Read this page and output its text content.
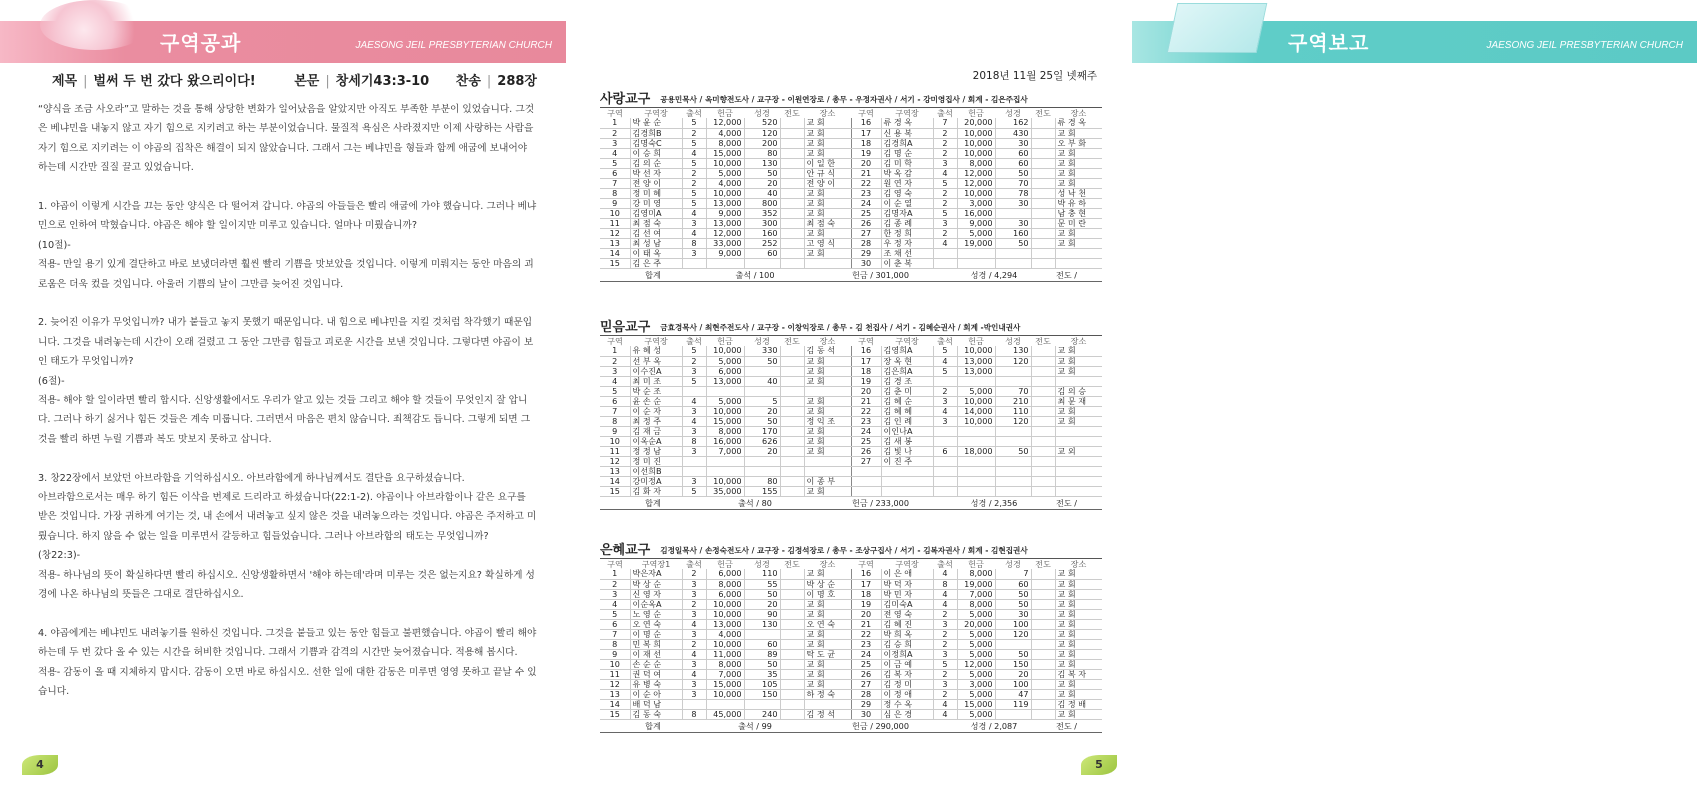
구역공과	JAESONG JEIL PRESBYTERIAN CHURCH
제목 | 벌써 두 번 갔다 왔으리이다!	본문 | 창세기43:3-10 찬송 | 288장

“양식을 조금 사오라”고 말하는 것을 통해 상당한 변화가 일어났음을 알았지만 아직도 부족한 부분이 있었습니다. 그것은 베냐민을 내놓지 않고 자기 힘으로 지키려고 하는 부분이었습니다. 물질적 욕심은 사라졌지만 이제 사랑하는 사람을 자기 힘으로 지키려는 이 야곱의 집착은 해결이 되지 않았습니다. 그래서 그는 베냐민을 형들과 함께 애굽에 보내어야 하는데 시간만 질질 끌고 있었습니다.

1. 야곱이 이렇게 시간을 끄는 동안 양식은 다 떨어져 갑니다. 야곱의 아들들은 빨리 애굽에 가야 했습니다. 그러나 베냐민으로 인하여 막혔습니다. 야곱은 해야 할 일이지만 미루고 있습니다. 얼마나 미뤘습니까?

(10절)-

적용- 만일 용기 있게 결단하고 바로 보냈더라면 훨씬 빨리 기쁨을 맛보았을 것입니다. 이렇게 미뤄지는 동안 마음의 괴로움은 더욱 컸을 것입니다. 아울러 기쁨의 날이 그만큼 늦어진 것입니다.

2. 늦어진 이유가 무엇입니까? 내가 붙들고 놓지 못했기 때문입니다. 내 힘으로 베냐민을 지킬 것처럼 착각했기 때문입니다. 그것을 내려놓는데 시간이 오래 걸렸고 그 동안 그만큼 힘들고 괴로운 시간을 보낸 것입니다. 그렇다면 야곱이 보인 태도가 무엇입니까?

(6절)-

적용- 해야 할 일이라면 빨리 합시다. 신앙생활에서도 우리가 알고 있는 것들 그리고 해야 할 것들이 무엇인지 잘 압니다. 그러나 하기 싫거나 힘든 것들은 계속 미룹니다. 그러면서 마음은 편치 않습니다. 죄책감도 듭니다. 그렇게 되면 그것을 빨리 하면 누릴 기쁨과 복도 맛보지 못하고 삽니다.

3. 창22장에서 보았던 아브라함을 기억하십시오. 아브라함에게 하나님께서도 결단을 요구하셨습니다.

아브라함으로서는 매우 하기 힘든 이삭을 번제로 드리라고 하셨습니다(22:1-2). 야곱이나 아브라함이나 같은 요구를 받은 것입니다. 가장 귀하게 여기는 것, 내 손에서 내려놓고 싶지 않은 것을 내려놓으라는 것입니다. 야곱은 주저하고 미뤘습니다. 하지 않을 수 없는 일을 미루면서 갈등하고 힘들었습니다. 그러나 아브라함의 태도는 무엇입니까?

(창22:3)-

적용- 하나님의 뜻이 확실하다면 빨리 하십시오. 신앙생활하면서 '해야 하는데'라며 미루는 것은 없는지요? 확실하게 성경에 나온 하나님의 뜻들은 그대로 결단하십시오.

4. 야곱에게는 베냐민도 내려놓기를 원하신 것입니다. 그것을 붙들고 있는 동안 힘들고 불편했습니다. 야곱이 빨리 해야 하는데 두 번 갔다 올 수 있는 시간을 허비한 것입니다. 그래서 기쁨과 감격의 시간만 늦어졌습니다. 적용해 봅시다.

적용- 감동이 올 때 지체하지 맙시다. 감동이 오면 바로 하십시오. 선한 일에 대한 감동은 미루면 영영 못하고 끝날 수 있습니다.

4
구역보고	JAESONG JEIL PRESBYTERIAN CHURCH
2018년 11월 25일 넷째주
사랑교구 공용민목사 / 옥미향전도사 / 교구장 - 이원연장로 / 총무 - 우정자권사 / 서기 - 강미영집사 / 회계 - 김은주집사
구역	구역장	출석	헌금	성경	전도	장소	구역	구역장	출석	헌금	성경	전도	장소
1	박 윤 순	5	12,000	520		교 회	16	류 경 옥	7	20,000	162		류 경 옥
2	김경희B	2	4,000	120		교 회	17	신 용 복	2	10,000	430		교 회
3	김명숙C	5	8,000	200		교 회	18	김경희A	2	10,000	30		오 부 화
4	이 승 희	4	15,000	80		교 회	19	김 명 순	2	10,000	60		교 회
5	김 의 순	5	10,000	130		이 일 한	20	김 미 학	3	8,000	60		교 회
6	박 선 자	2	5,000	50		안 규 식	21	박 옥 감	4	12,000	50		교 회
7	전 양 이	2	4,000	20		전 양 이	22	원 연 자	5	12,000	70		교 회
8	정 미 혜	5	10,000	40		교 회	23	김 영 숙	2	10,000	78		성 낙 천
9	강 미 영	5	13,000	800		교 회	24	이 순 열	2	3,000	30		박 유 하
10	김영미A	4	9,000	352		교 회	25	김명자A	5	16,000			남 충 현
11	최 점 숙	3	13,000	300		최 점 숙	26	김 종 례	3	9,000	30		문 미 란
12	김 선 여	4	12,000	160		교 회	27	한 정 희	2	5,000	160		교 회
13	최 성 남	8	33,000	252		고 영 식	28	우 정 자	4	19,000	50		교 회
14	이 태 옥	3	9,000	60		교 회	29	조 채 선					
15	김 은 주						30	이 춘 복					
합계			출석 / 100			헌금 / 301,000				성경 / 4,294		전도 /	
믿음교구 금효경목사 / 최현주전도사 / 교구장 - 이창익장로 / 총무 - 김 천집사 / 서기 - 김혜순권사 / 회계 -박인내권사
구역	구역장	출석	헌금	성경	전도	장소	구역	구역장	출석	헌금	성경	전도	장소
1	유 혜 성	5	10,000	330		김 동 석	16	김영희A	5	10,000	130		교 회
2	선 부 옥	2	5,000	50		교 회	17	장 옥 현	4	13,000	120		교 회
3	이수진A	3	6,000			교 회	18	김은희A	5	13,000			교 회
4	최 미 조	5	13,000	40		교 회	19	김 경 조					
5	박 순 조						20	김 춘 미	2	5,000	70		김 의 승
6	윤 손 순	4	5,000	5		교 회	21	김 혜 순	3	10,000	210		최 문 재
7	이 순 자	3	10,000	20		교 회	22	김 혜 혜	4	14,000	110		교 회
8	최 정 주	4	15,000	50		정 익 조	23	김 인 례	3	10,000	120		교 회
9	김 재 금	3	8,000	170		교 회	24	이인나A					
10	이옥순A	8	16,000	626		교 회	25	김 새 봉					
11	정 정 남	3	7,000	20		교 회	26	김 빛 나	6	18,000	50		교 외
12	정 미 진						27	이 진 주					
13	이선희B												
14	강미정A	3	10,000	80		이 종 부							
15	김 화 자	5	35,000	155		교 회							
합계			출석 / 80			헌금 / 233,000				성경 / 2,356		전도 /	
은혜교구 김정일목사 / 손정숙전도사 / 교구장 - 김정석장로 / 총무 - 조상구집사 / 서기 - 김복자권사 / 회계 - 김현집권사
구역	구역장1	출석	헌금	성경	전도	장소	구역	구역장	출석	헌금	성경	전도	장소
1	박은자A	2	6,000	110		교 회	16	이 은 애	4	8,000	7		교 회
2	박 상 순	3	8,000	55		박 상 순	17	박 덕 자	8	19,000	60		교 회
3	신 영 자	3	6,000	50		이 명 호	18	박 민 자	4	7,000	50		교 회
4	이순옥A	2	10,000	20		교 회	19	김미숙A	4	8,000	50		교 회
5	노 영 순	3	10,000	90		교 회	20	전 영 숙	2	5,000	30		교 회
6	오 연 숙	4	13,000	130		오 연 숙	21	김 혜 진	3	20,000	100		교 회
7	이 명 순	3	4,000			교 회	22	박 희 옥	2	5,000	120		교 회
8	민 복 희	2	10,000	60		교 회	23	김 승 희	2	5,000			교 회
9	이 재 선	4	11,000	89		탁 도 균	24	이정희A	3	5,000	50		교 회
10	손 순 순	3	8,000	50		교 회	25	이 금 예	5	12,000	150		교 회
11	권 덕 여	4	7,000	35		교 회	26	김 복 자	2	5,000	20		김 복 자
12	유 병 숙	3	15,000	105		교 회	27	김 정 미	3	3,000	100		교 회
13	이 순 아	3	10,000	150		하 정 숙	28	이 정 애	2	5,000	47		교 회
14	배 덕 남						29	정 수 옥	4	15,000	119		김 정 배
15	김 동 숙	8	45,000	240		김 정 석	30	심 은 경	4	5,000			교 회
합계			출석 / 99			헌금 / 290,000				성경 / 2,087		전도 /	
5
